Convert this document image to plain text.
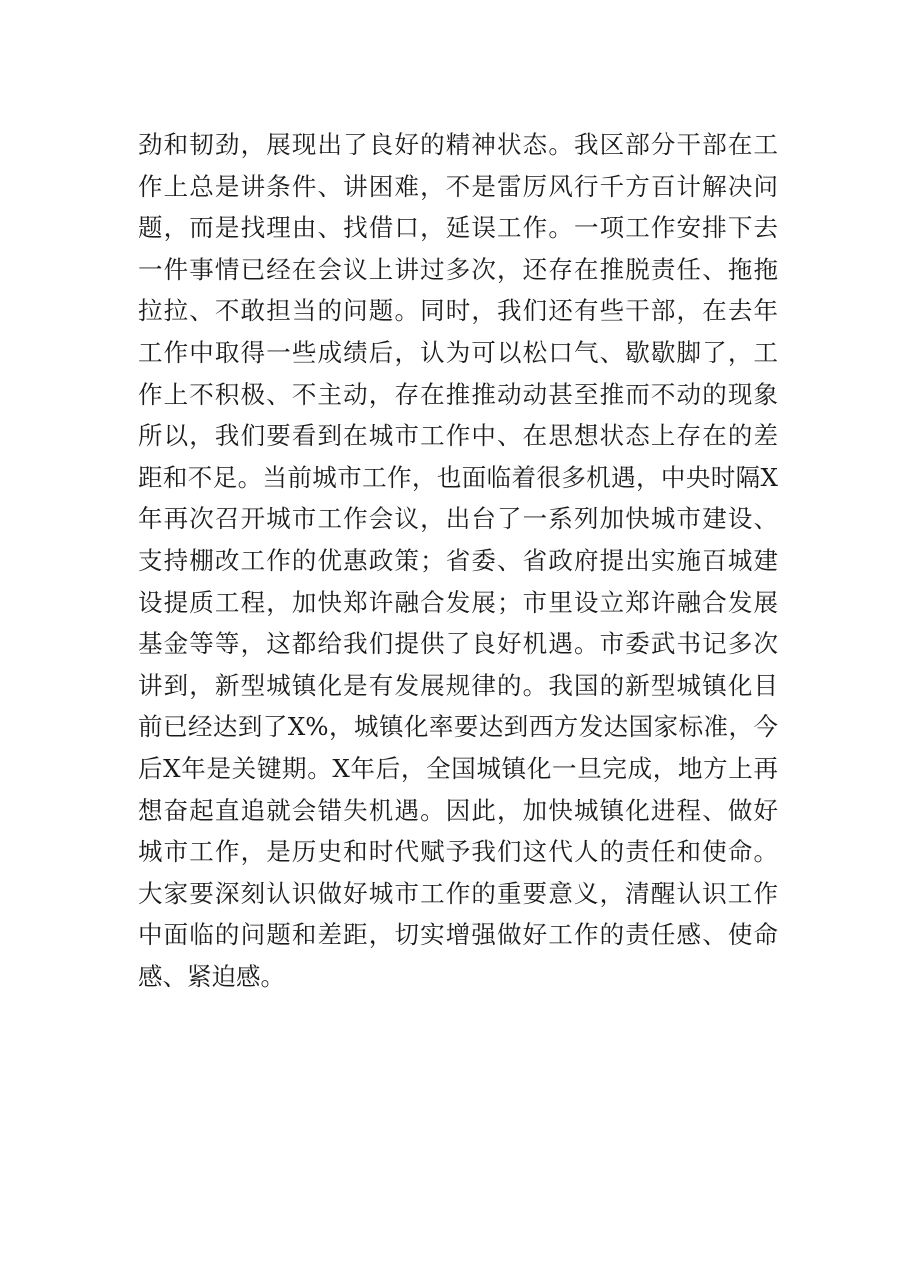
劲和韧劲，展现出了良好的精神状态。我区部分干部在工
作上总是讲条件、讲困难，不是雷厉风行千方百计解决问
题，而是找理由、找借口，延误工作。一项工作安排下去
一件事情已经在会议上讲过多次，还存在推脱责任、拖拖
拉拉、不敢担当的问题。同时，我们还有些干部，在去年
工作中取得一些成绩后，认为可以松口气、歇歇脚了，工
作上不积极、不主动，存在推推动动甚至推而不动的现象
所以，我们要看到在城市工作中、在思想状态上存在的差
距和不足。当前城市工作，也面临着很多机遇，中央时隔X
年再次召开城市工作会议，出台了一系列加快城市建设、
支持棚改工作的优惠政策；省委、省政府提出实施百城建
设提质工程，加快郑许融合发展；市里设立郑许融合发展
基金等等，这都给我们提供了良好机遇。市委武书记多次
讲到，新型城镇化是有发展规律的。我国的新型城镇化目
前已经达到了X%，城镇化率要达到西方发达国家标准，今
后X年是关键期。X年后，全国城镇化一旦完成，地方上再
想奋起直追就会错失机遇。因此，加快城镇化进程、做好
城市工作，是历史和时代赋予我们这代人的责任和使命。
大家要深刻认识做好城市工作的重要意义，清醒认识工作
中面临的问题和差距，切实增强做好工作的责任感、使命
感、紧迫感。
